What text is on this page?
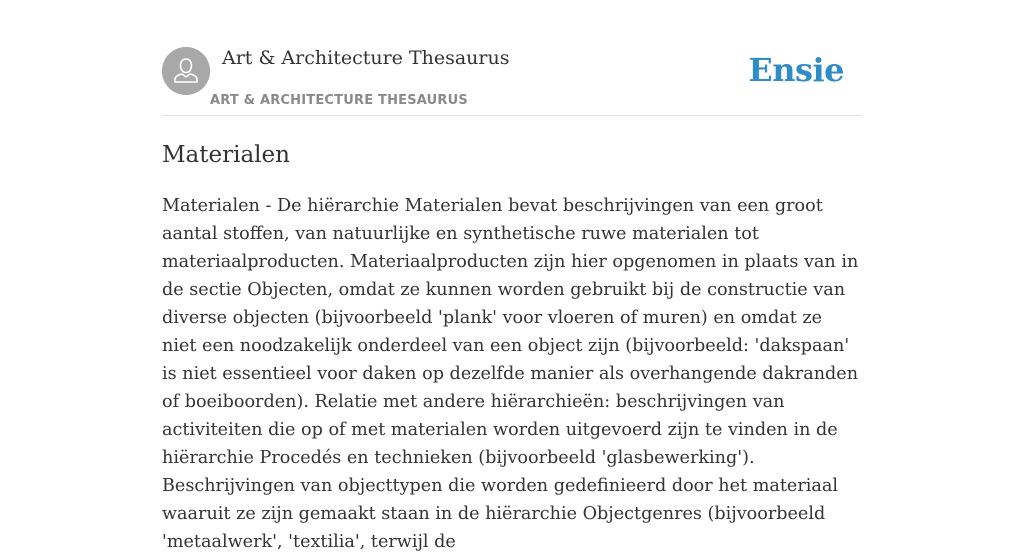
Art & Architecture Thesaurus
ART & ARCHITECTURE THESAURUS
Ensie
Materialen

Materialen - De hiërarchie Materialen bevat beschrijvingen van een groot aantal stoffen, van natuurlijke en synthetische ruwe materialen tot materiaalproducten. Materiaalproducten zijn hier opgenomen in plaats van in de sectie Objecten, omdat ze kunnen worden gebruikt bij de constructie van diverse objecten (bijvoorbeeld 'plank' voor vloeren of muren) en omdat ze niet een noodzakelijk onderdeel van een object zijn (bijvoorbeeld: 'dakspaan' is niet essentieel voor daken op dezelfde manier als overhangende dakranden of boeiboorden). Relatie met andere hiërarchieën: beschrijvingen van activiteiten die op of met materialen worden uitgevoerd zijn te vinden in de hiërarchie Procedés en technieken (bijvoorbeeld 'glasbewerking'). Beschrijvingen van objecttypen die worden gedefinieerd door het materiaal waaruit ze zijn gemaakt staan in de hiërarchie Objectgenres (bijvoorbeeld 'metaalwerk', 'textilia', terwijl de
